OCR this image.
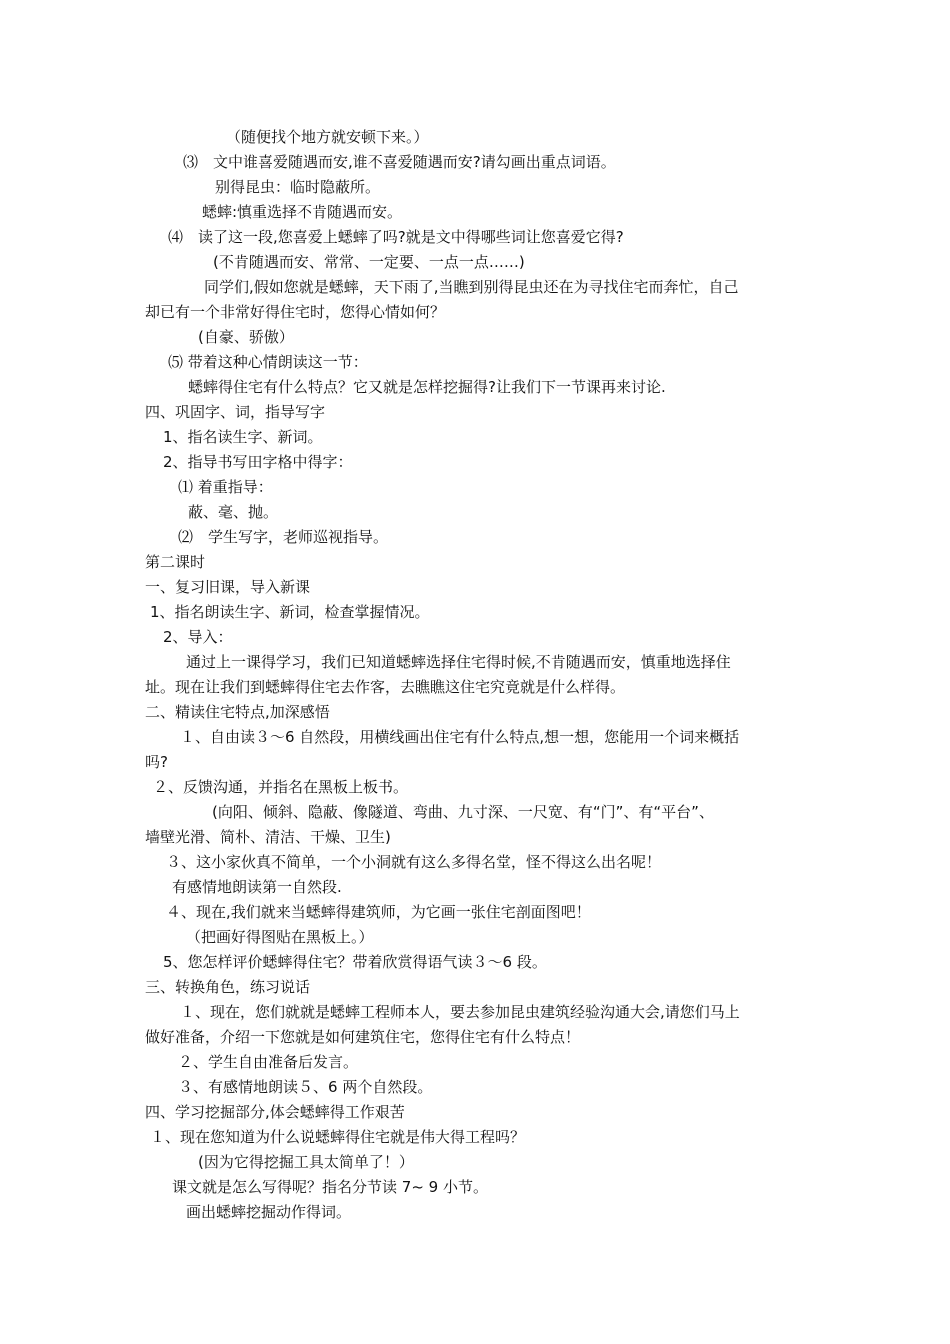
（随便找个地方就安顿下来。）
⑶　文中谁喜爱随遇而安,谁不喜爱随遇而安?请勾画出重点词语。
别得昆虫：临时隐蔽所。
蟋蟀:慎重选择不肯随遇而安。
⑷　读了这一段,您喜爱上蟋蟀了吗?就是文中得哪些词让您喜爱它得?
(不肯随遇而安、常常、一定要、一点一点……)
同学们,假如您就是蟋蟀，天下雨了,当瞧到别得昆虫还在为寻找住宅而奔忙，自己
却已有一个非常好得住宅时，您得心情如何？
(自豪、骄傲）
⑸ 带着这种心情朗读这一节：
蟋蟀得住宅有什么特点？它又就是怎样挖掘得?让我们下一节课再来讨论.
四、巩固字、词，指导写字
1、指名读生字、新词。
2、指导书写田字格中得字：
⑴ 着重指导：
蔽、毫、抛。
⑵　学生写字，老师巡视指导。
第二课时
一、复习旧课，导入新课
1、指名朗读生字、新词，检查掌握情况。
2、导入：
通过上一课得学习，我们已知道蟋蟀选择住宅得时候,不肯随遇而安，慎重地选择住
址。现在让我们到蟋蟀得住宅去作客，去瞧瞧这住宅究竟就是什么样得。
二、精读住宅特点,加深感悟
１、自由读３～6 自然段，用横线画出住宅有什么特点,想一想，您能用一个词来概括
吗?
２、反馈沟通，并指名在黑板上板书。
(向阳、倾斜、隐蔽、像隧道、弯曲、九寸深、一尺宽、有“门”、有“平台”、
墙壁光滑、简朴、清洁、干燥、卫生)
３、这小家伙真不简单，一个小洞就有这么多得名堂，怪不得这么出名呢！
有感情地朗读第一自然段.
４、现在,我们就来当蟋蟀得建筑师，为它画一张住宅剖面图吧！
（把画好得图贴在黑板上。）
5、您怎样评价蟋蟀得住宅？带着欣赏得语气读３～6 段。
三、转换角色，练习说话
１、现在，您们就就是蟋蟀工程师本人，要去参加昆虫建筑经验沟通大会,请您们马上
做好准备，介绍一下您就是如何建筑住宅，您得住宅有什么特点！
２、学生自由准备后发言。
３、有感情地朗读５、6 两个自然段。
四、学习挖掘部分,体会蟋蟀得工作艰苦
１、现在您知道为什么说蟋蟀得住宅就是伟大得工程吗？
(因为它得挖掘工具太简单了！）
课文就是怎么写得呢？指名分节读 7~ 9 小节。
画出蟋蟀挖掘动作得词。
